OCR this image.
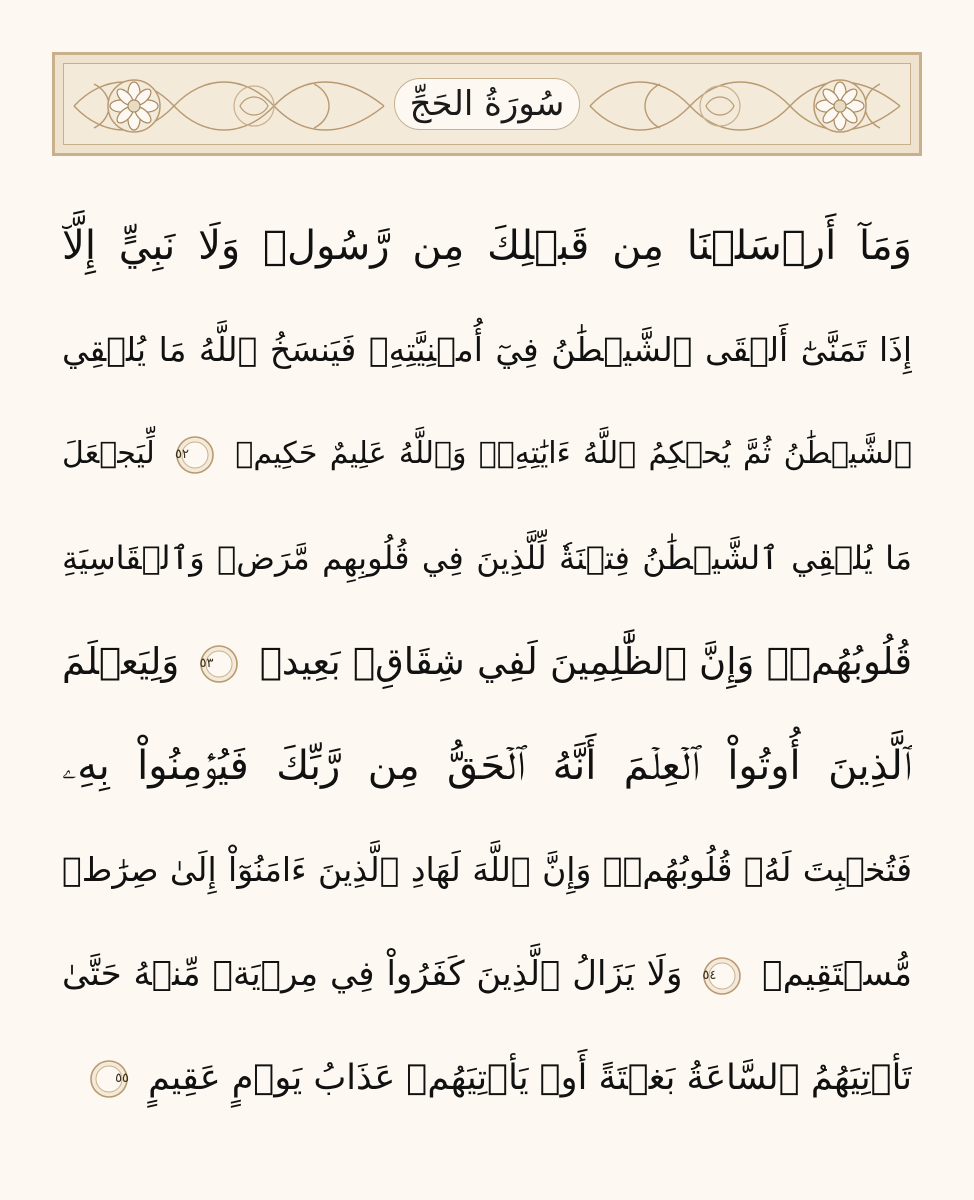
سُورَةُ الحَجِّ
وَمَآ أَرۡسَلۡنَا مِن قَبۡلِكَ مِن رَّسُولٖ وَلَا نَبِيٍّ إِلَّآ
إِذَا تَمَنَّىٰٓ أَلۡقَى ٱلشَّيۡطَٰنُ فِيٓ أُمۡنِيَّتِهِۦ فَيَنسَخُ ٱللَّهُ مَا يُلۡقِي
ٱلشَّيۡطَٰنُ ثُمَّ يُحۡكِمُ ٱللَّهُ ءَايَٰتِهِۦۗ وَٱللَّهُ عَلِيمٌ حَكِيمٞ
٥٢
لِّيَجۡعَلَ
مَا يُلۡقِي ٱلشَّيۡطَٰنُ فِتۡنَةٗ لِّلَّذِينَ فِي قُلُوبِهِم مَّرَضٞ وَٱلۡقَاسِيَةِ
قُلُوبُهُمۡۗ وَإِنَّ ٱلظَّٰلِمِينَ لَفِي شِقَاقِۭ بَعِيدٖ
٥٣
وَلِيَعۡلَمَ
ٱلَّذِينَ أُوتُواْ ٱلۡعِلۡمَ أَنَّهُ ٱلۡحَقُّ مِن رَّبِّكَ فَيُؤۡمِنُواْ بِهِۦ
فَتُخۡبِتَ لَهُۥ قُلُوبُهُمۡۗ وَإِنَّ ٱللَّهَ لَهَادِ ٱلَّذِينَ ءَامَنُوٓاْ إِلَىٰ صِرَٰطٖ
مُّسۡتَقِيمٖ
٥٤
وَلَا يَزَالُ ٱلَّذِينَ كَفَرُواْ فِي مِرۡيَةٖ مِّنۡهُ حَتَّىٰ
تَأۡتِيَهُمُ ٱلسَّاعَةُ بَغۡتَةً أَوۡ يَأۡتِيَهُمۡ عَذَابُ يَوۡمٍ عَقِيمٍ
٥٥
